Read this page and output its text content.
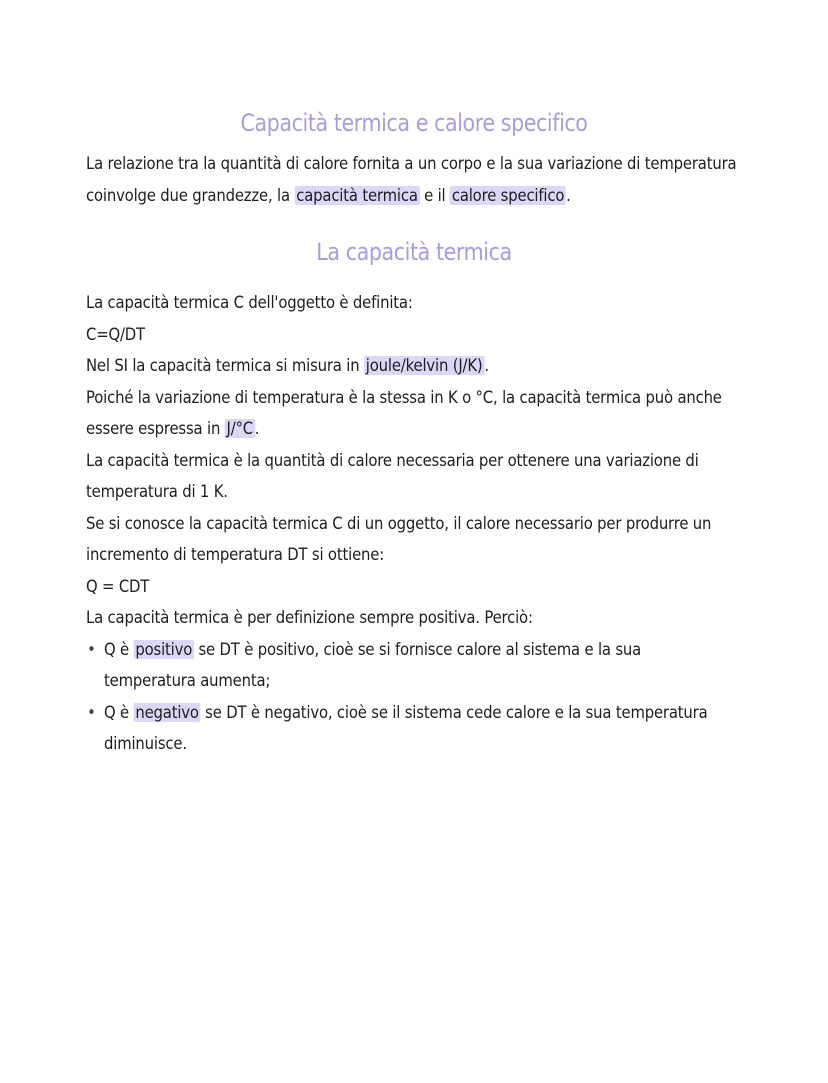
Capacità termica e calore specifico
La relazione tra la quantità di calore fornita a un corpo e la sua variazione di temperatura
coinvolge due grandezze, la capacità termica e il calore specifico .
La capacità termica
La capacità termica C dell'oggetto è definita:
C=Q/DT
Nel SI la capacità termica si misura in joule/kelvin (J/K) .
Poiché la variazione di temperatura è la stessa in K o °C, la capacità termica può anche
essere espressa in J/°C .
La capacità termica è la quantità di calore necessaria per ottenere una variazione di
temperatura di 1 K.
Se si conosce la capacità termica C di un oggetto, il calore necessario per produrre un
incremento di temperatura DT si ottiene:
Q = CDT
La capacità termica è per definizione sempre positiva. Perciò:
• Q è positivo se DT è positivo, cioè se si fornisce calore al sistema e la sua
temperatura aumenta;
• Q è negativo se DT è negativo, cioè se il sistema cede calore e la sua temperatura
diminuisce.
